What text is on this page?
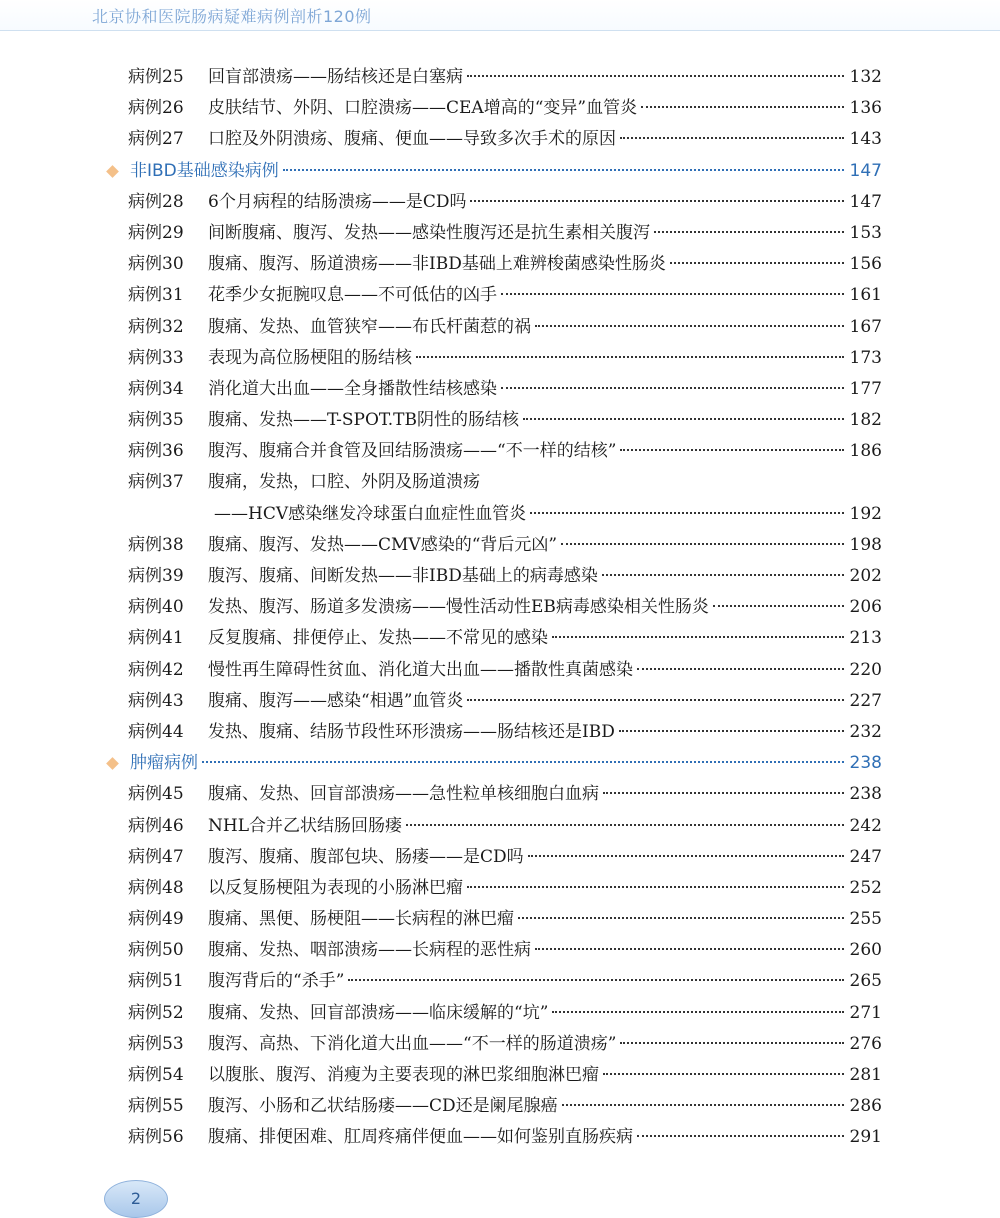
北京协和医院肠病疑难病例剖析120例
病例25 回盲部溃疡——肠结核还是白塞病	132
病例26 皮肤结节、外阴、口腔溃疡——CEA增高的“变异”血管炎	136
病例27 口腔及外阴溃疡、腹痛、便血——导致多次手术的原因	143
非IBD基础感染病例	147
病例28 6个月病程的结肠溃疡——是CD吗	147
病例29 间断腹痛、腹泻、发热——感染性腹泻还是抗生素相关腹泻	153
病例30 腹痛、腹泻、肠道溃疡——非IBD基础上难辨梭菌感染性肠炎	156
病例31 花季少女扼腕叹息——不可低估的凶手	161
病例32 腹痛、发热、血管狭窄——布氏杆菌惹的祸	167
病例33 表现为高位肠梗阻的肠结核	173
病例34 消化道大出血——全身播散性结核感染	177
病例35 腹痛、发热——T-SPOT.TB阴性的肠结核	182
病例36 腹泻、腹痛合并食管及回结肠溃疡——“不一样的结核”	186
病例37 腹痛，发热，口腔、外阴及肠道溃疡
——HCV感染继发冷球蛋白血症性血管炎	192
病例38 腹痛、腹泻、发热——CMV感染的“背后元凶”	198
病例39 腹泻、腹痛、间断发热——非IBD基础上的病毒感染	202
病例40 发热、腹泻、肠道多发溃疡——慢性活动性EB病毒感染相关性肠炎	206
病例41 反复腹痛、排便停止、发热——不常见的感染	213
病例42 慢性再生障碍性贫血、消化道大出血——播散性真菌感染	220
病例43 腹痛、腹泻——感染“相遇”血管炎	227
病例44 发热、腹痛、结肠节段性环形溃疡——肠结核还是IBD	232
肿瘤病例	238
病例45 腹痛、发热、回盲部溃疡——急性粒单核细胞白血病	238
病例46 NHL合并乙状结肠回肠瘘	242
病例47 腹泻、腹痛、腹部包块、肠瘘——是CD吗	247
病例48 以反复肠梗阻为表现的小肠淋巴瘤	252
病例49 腹痛、黑便、肠梗阻——长病程的淋巴瘤	255
病例50 腹痛、发热、咽部溃疡——长病程的恶性病	260
病例51 腹泻背后的“杀手”	265
病例52 腹痛、发热、回盲部溃疡——临床缓解的“坑”	271
病例53 腹泻、高热、下消化道大出血——“不一样的肠道溃疡”	276
病例54 以腹胀、腹泻、消瘦为主要表现的淋巴浆细胞淋巴瘤	281
病例55 腹泻、小肠和乙状结肠瘘——CD还是阑尾腺癌	286
病例56 腹痛、排便困难、肛周疼痛伴便血——如何鉴别直肠疾病	291
2
